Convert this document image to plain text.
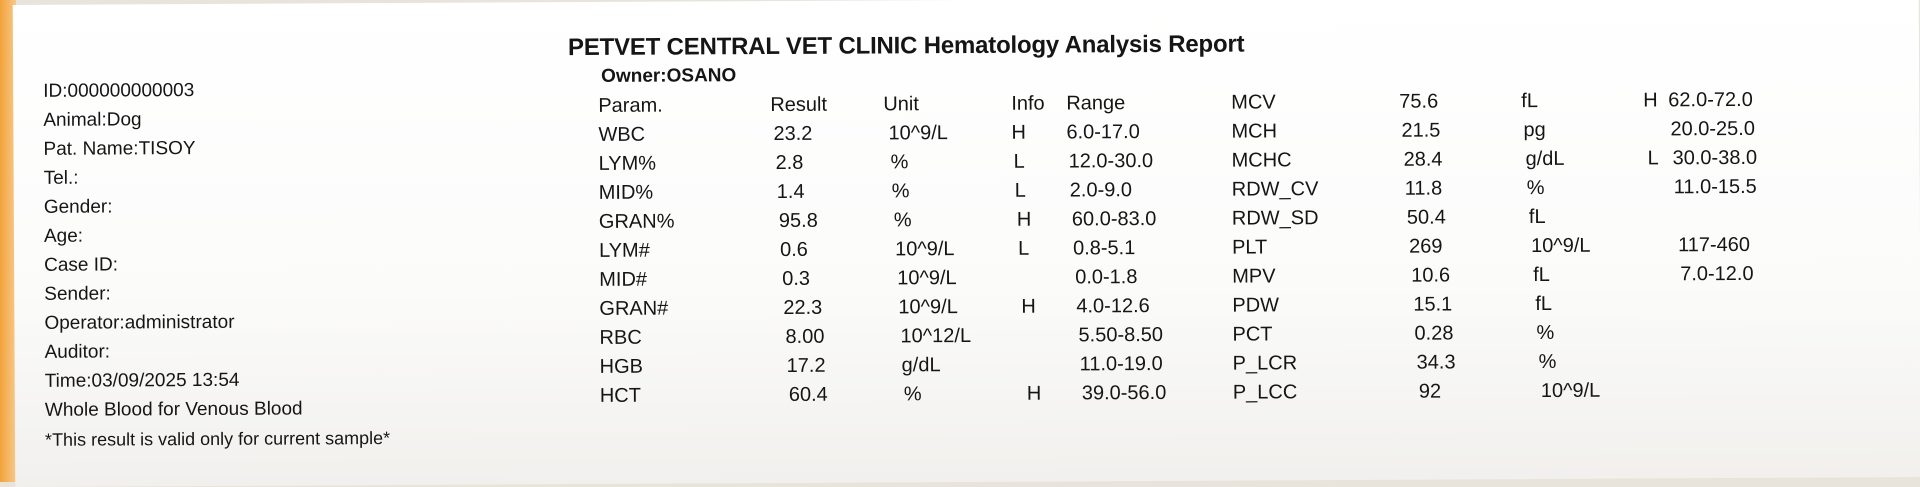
PETVET CENTRAL VET CLINIC Hematology Analysis Report
Owner:OSANO
ID:000000000003
Animal:Dog
Pat. Name:TISOY
Tel.:
Gender:
Age:
Case ID:
Sender:
Operator:administrator
Auditor:
Time:03/09/2025 13:54
Whole Blood for Venous Blood
*This result is valid only for current sample*
Param.	Result	Unit	Info Range
WBC	23.2	10^9/L	H 6.0-17.0
LYM%	2.8	%	L 12.0-30.0
MID%	1.4	%	L 2.0-9.0
GRAN%	95.8	%	H 60.0-83.0
LYM#	0.6	10^9/L	L 0.8-5.1
MID#	0.3	10^9/L	0.0-1.8
GRAN#	22.3	10^9/L	H 4.0-12.6
RBC	8.00	10^12/L	5.50-8.50
HGB	17.2	g/dL	11.0-19.0
HCT	60.4	%	H 39.0-56.0
MCV	75.6	fL	H 62.0-72.0
MCH	21.5	pg	20.0-25.0
MCHC	28.4	g/dL	L 30.0-38.0
RDW_CV	11.8	%	11.0-15.5
RDW_SD	50.4	fL
PLT	269	10^9/L	117-460
MPV	10.6	fL	7.0-12.0
PDW	15.1	fL
PCT	0.28	%
P_LCR	34.3	%
P_LCC	92	10^9/L
